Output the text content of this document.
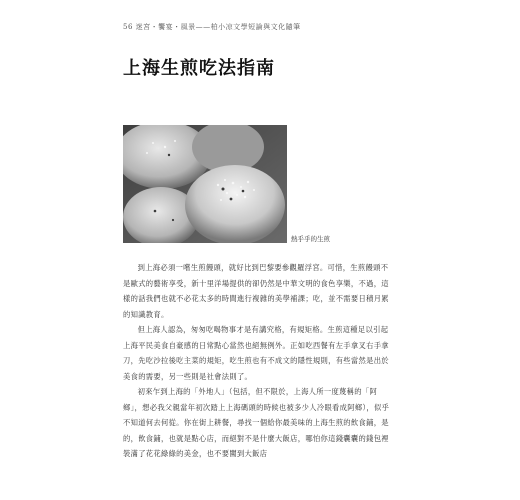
56 迷宮・饗宴・風景——柏小凉文學短論與文化隨筆
上海生煎吃法指南
熱乎乎的生煎

到上海必須一嚐生煎饅頭，就好比到巴黎要參觀羅浮宮。可惜，生煎饅頭不是歐式的藝術享受，新十里洋場提供的卻仍然是中華文明的食色享樂，不過，這樣的話我們也就不必花太多的時間進行複雜的美學補課；吃，並不需要日積月累的知識教育。

但上海人認為，匆匆吃喝物事才是有講究格，有規矩格。生煎這種足以引起上海平民美食自豪感的日常點心當然也絕無例外。正如吃西餐有左手拿叉右手拿刀，先吃沙拉後吃主菜的規矩，吃生煎也有不成文的隱性規則，有些當然是出於美食的需要，另一些則是社會法則了。

初來乍到上海的「外地人」（包括，但不限於，上海人所一度蔑稱的「阿鄉」，想必我父親當年初次踏上上海碼頭的時候也被多少人冷眼看成阿鄉），似乎不知道何去何從。你在街上耕餐，尋找一個給你最美味的上海生煎的飲食鋪，是的，飲食鋪，也就是點心店，而絕對不是什麼大飯店，哪怕你這錢囊囊的錢包裡裝滿了花花綠綠的美金，也不要闖到大飯店
